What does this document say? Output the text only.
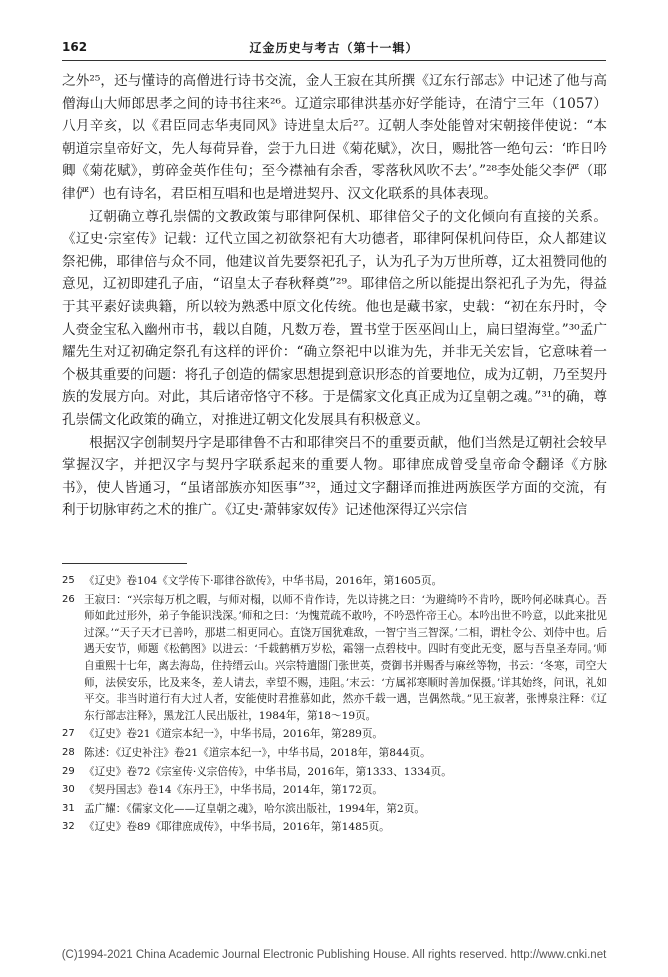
162	辽金历史与考古（第十一辑）

之外²⁵，还与懂诗的高僧进行诗书交流，金人王寂在其所撰《辽东行部志》中记述了他与高僧海山大师郎思孝之间的诗书往来²⁶。辽道宗耶律洪基亦好学能诗，在清宁三年（1057）八月辛亥，以《君臣同志华夷同风》诗进皇太后²⁷。辽朝人李处能曾对宋朝接伴使说：“本朝道宗皇帝好文，先人每荷异眷，尝于九日进《菊花赋》，次日，赐批答一绝句云：‘昨日吟卿《菊花赋》，剪碎金英作佳句；至今襟袖有余香，零落秋风吹不去’。”²⁸李处能父李俨（耶律俨）也有诗名，君臣相互唱和也是增进契丹、汉文化联系的具体表现。

辽朝确立尊孔崇儒的文教政策与耶律阿保机、耶律倍父子的文化倾向有直接的关系。《辽史·宗室传》记载：辽代立国之初欲祭祀有大功德者，耶律阿保机问侍臣，众人都建议祭祀佛，耶律倍与众不同，他建议首先要祭祀孔子，认为孔子为万世所尊，辽太祖赞同他的意见，辽初即建孔子庙，“诏皇太子春秋释奠”²⁹。耶律倍之所以能提出祭祀孔子为先，得益于其平素好读典籍，所以较为熟悉中原文化传统。他也是藏书家，史载：“初在东丹时，令人赍金宝私入幽州市书，载以自随，凡数万卷，置书堂于医巫闾山上，扁曰望海堂。”³⁰孟广耀先生对辽初确定祭孔有这样的评价：“确立祭祀中以谁为先，并非无关宏旨，它意味着一个极其重要的问题：将孔子创造的儒家思想提到意识形态的首要地位，成为辽朝，乃至契丹族的发展方向。对此，其后诸帝恪守不移。于是儒家文化真正成为辽皇朝之魂。”³¹的确，尊孔崇儒文化政策的确立，对推进辽朝文化发展具有积极意义。

根据汉字创制契丹字是耶律鲁不古和耶律突吕不的重要贡献，他们当然是辽朝社会较早掌握汉字，并把汉字与契丹字联系起来的重要人物。耶律庶成曾受皇帝命令翻译《方脉书》，使人皆通习，“虽诸部族亦知医事”³²，通过文字翻译而推进两族医学方面的交流，有利于切脉审药之术的推广。《辽史·萧韩家奴传》记述他深得辽兴宗信

25 《辽史》卷104《文学传下·耶律谷欲传》，中华书局，2016年，第1605页。
26 王寂曰：“兴宗每万机之暇，与师对榻，以师不肯作诗，先以诗挑之曰：‘为避绮吟不肯吟，既吟何必昧真心。吾师如此过形外，弟子争能识浅深。’师和之曰：‘为愧荒疏不敢吟，不吟恐忤帝王心。本吟出世不吟意，以此来批见过深。’“天子天才已善吟，那堪二相更同心。直饶万国犹难敌，一智宁当三智深。’二相，谓杜令公、刘侍中也。后遇天安节，师题《松鹤图》以进云：‘千载鹤栖万岁松，霜翎一点碧枝中。四时有变此无变，愿与吾皇圣寿同。’师自重熙十七年，离去海岛，住持缙云山。兴宗特遣閤门张世英，赍御书并赐香与麻丝等物，书云：‘冬寒，司空大师，法侯安乐，比及来冬，差人请去，幸望不赐，违阻。’末云：‘方属祁寒顺时善加保摄。’详其始终，问讯，礼如平交。非当时道行有大过人者，安能使时君推慕如此，然亦千载一遇，岂偶然哉。”见王寂著，张博泉注释：《辽东行部志注释》，黑龙江人民出版社，1984年，第18～19页。
27 《辽史》卷21《道宗本纪一》，中华书局，2016年，第289页。
28 陈述：《辽史补注》卷21《道宗本纪一》，中华书局，2018年，第844页。
29 《辽史》卷72《宗室传·义宗倍传》，中华书局，2016年，第1333、1334页。
30 《契丹国志》卷14《东丹王》，中华书局，2014年，第172页。
31 孟广耀：《儒家文化——辽皇朝之魂》，哈尔滨出版社，1994年，第2页。
32 《辽史》卷89《耶律庶成传》，中华书局，2016年，第1485页。
(C)1994-2021 China Academic Journal Electronic Publishing House. All rights reserved. http://www.cnki.net
